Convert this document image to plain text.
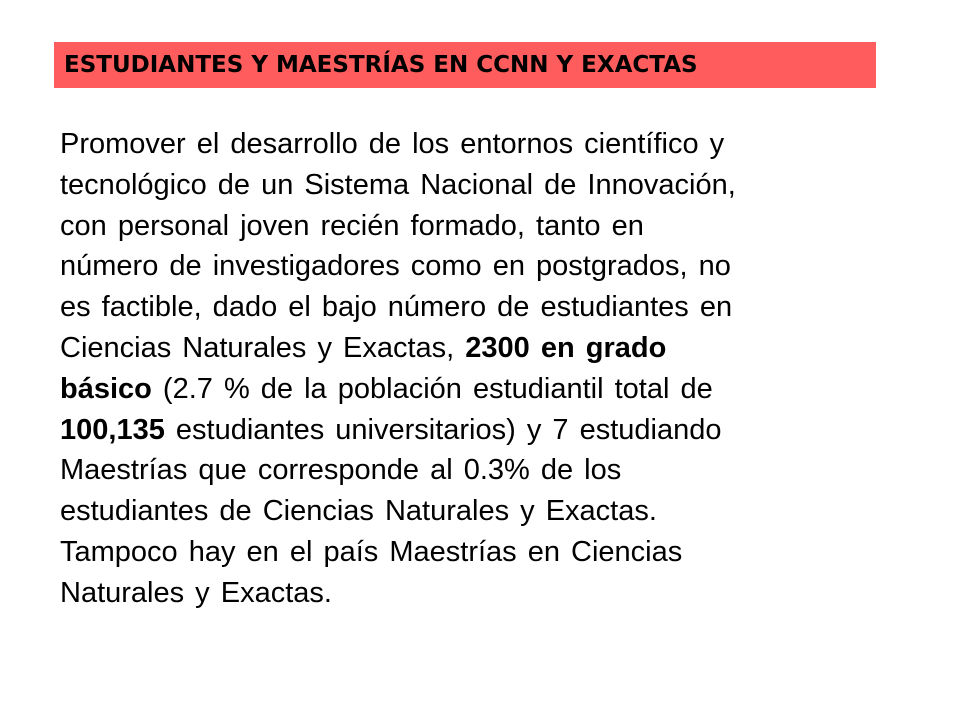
ESTUDIANTES Y MAESTRÍAS EN CCNN Y EXACTAS

Promover el desarrollo de los entornos científico y
tecnológico de un Sistema Nacional de Innovación,
con personal joven recién formado, tanto en
número de investigadores como en postgrados, no
es factible, dado el bajo número de estudiantes en
Ciencias Naturales y Exactas, 2300 en grado
básico (2.7 % de la población estudiantil total de
100,135 estudiantes universitarios) y 7 estudiando
Maestrías que corresponde al 0.3% de los
estudiantes de Ciencias Naturales y Exactas.
Tampoco hay en el país Maestrías en Ciencias
Naturales y Exactas.
